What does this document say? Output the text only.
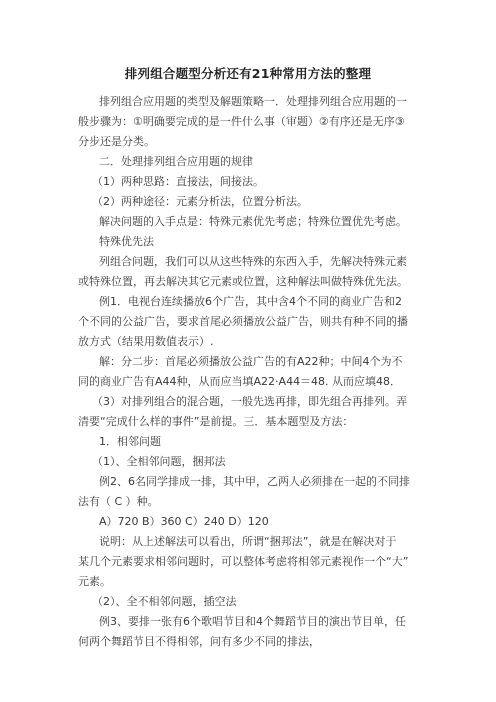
排列组合题型分析还有21种常用方法的整理
排列组合应用题的类型及解题策略一．处理排列组合应用题的一
般步骤为：①明确要完成的是一件什么事（审题）②有序还是无序③
分步还是分类。
二．处理排列组合应用题的规律
（1）两种思路：直接法，间接法。
（2）两种途径：元素分析法，位置分析法。
解决问题的入手点是：特殊元素优先考虑；特殊位置优先考虑。
特殊优先法
列组合问题，我们可以从这些特殊的东西入手，先解决特殊元素
或特殊位置，再去解决其它元素或位置，这种解法叫做特殊优先法。
例1．电视台连续播放6个广告，其中含4个不同的商业广告和2
个不同的公益广告，要求首尾必须播放公益广告，则共有种不同的播
放方式（结果用数值表示）.
解：分二步：首尾必须播放公益广告的有A22种；中间4个为不
同的商业广告有A44种，从而应当填A22·A44＝48. 从而应填48．
（3）对排列组合的混合题，一般先选再排，即先组合再排列。弄
清要“完成什么样的事件”是前提。三．基本题型及方法：
1．相邻问题
（1）、全相邻问题，捆邦法
例2、6名同学排成一排，其中甲，乙两人必须排在一起的不同排
法有（ C ）种。
A）720 B）360 C）240 D）120
说明：从上述解法可以看出，所谓“捆邦法”，就是在解决对于
某几个元素要求相邻问题时，可以整体考虑将相邻元素视作一个“大”
元素。
（2）、全不相邻问题，插空法
例3、要排一张有6个歌唱节目和4个舞蹈节目的演出节目单，任
何两个舞蹈节目不得相邻，问有多少不同的排法，
